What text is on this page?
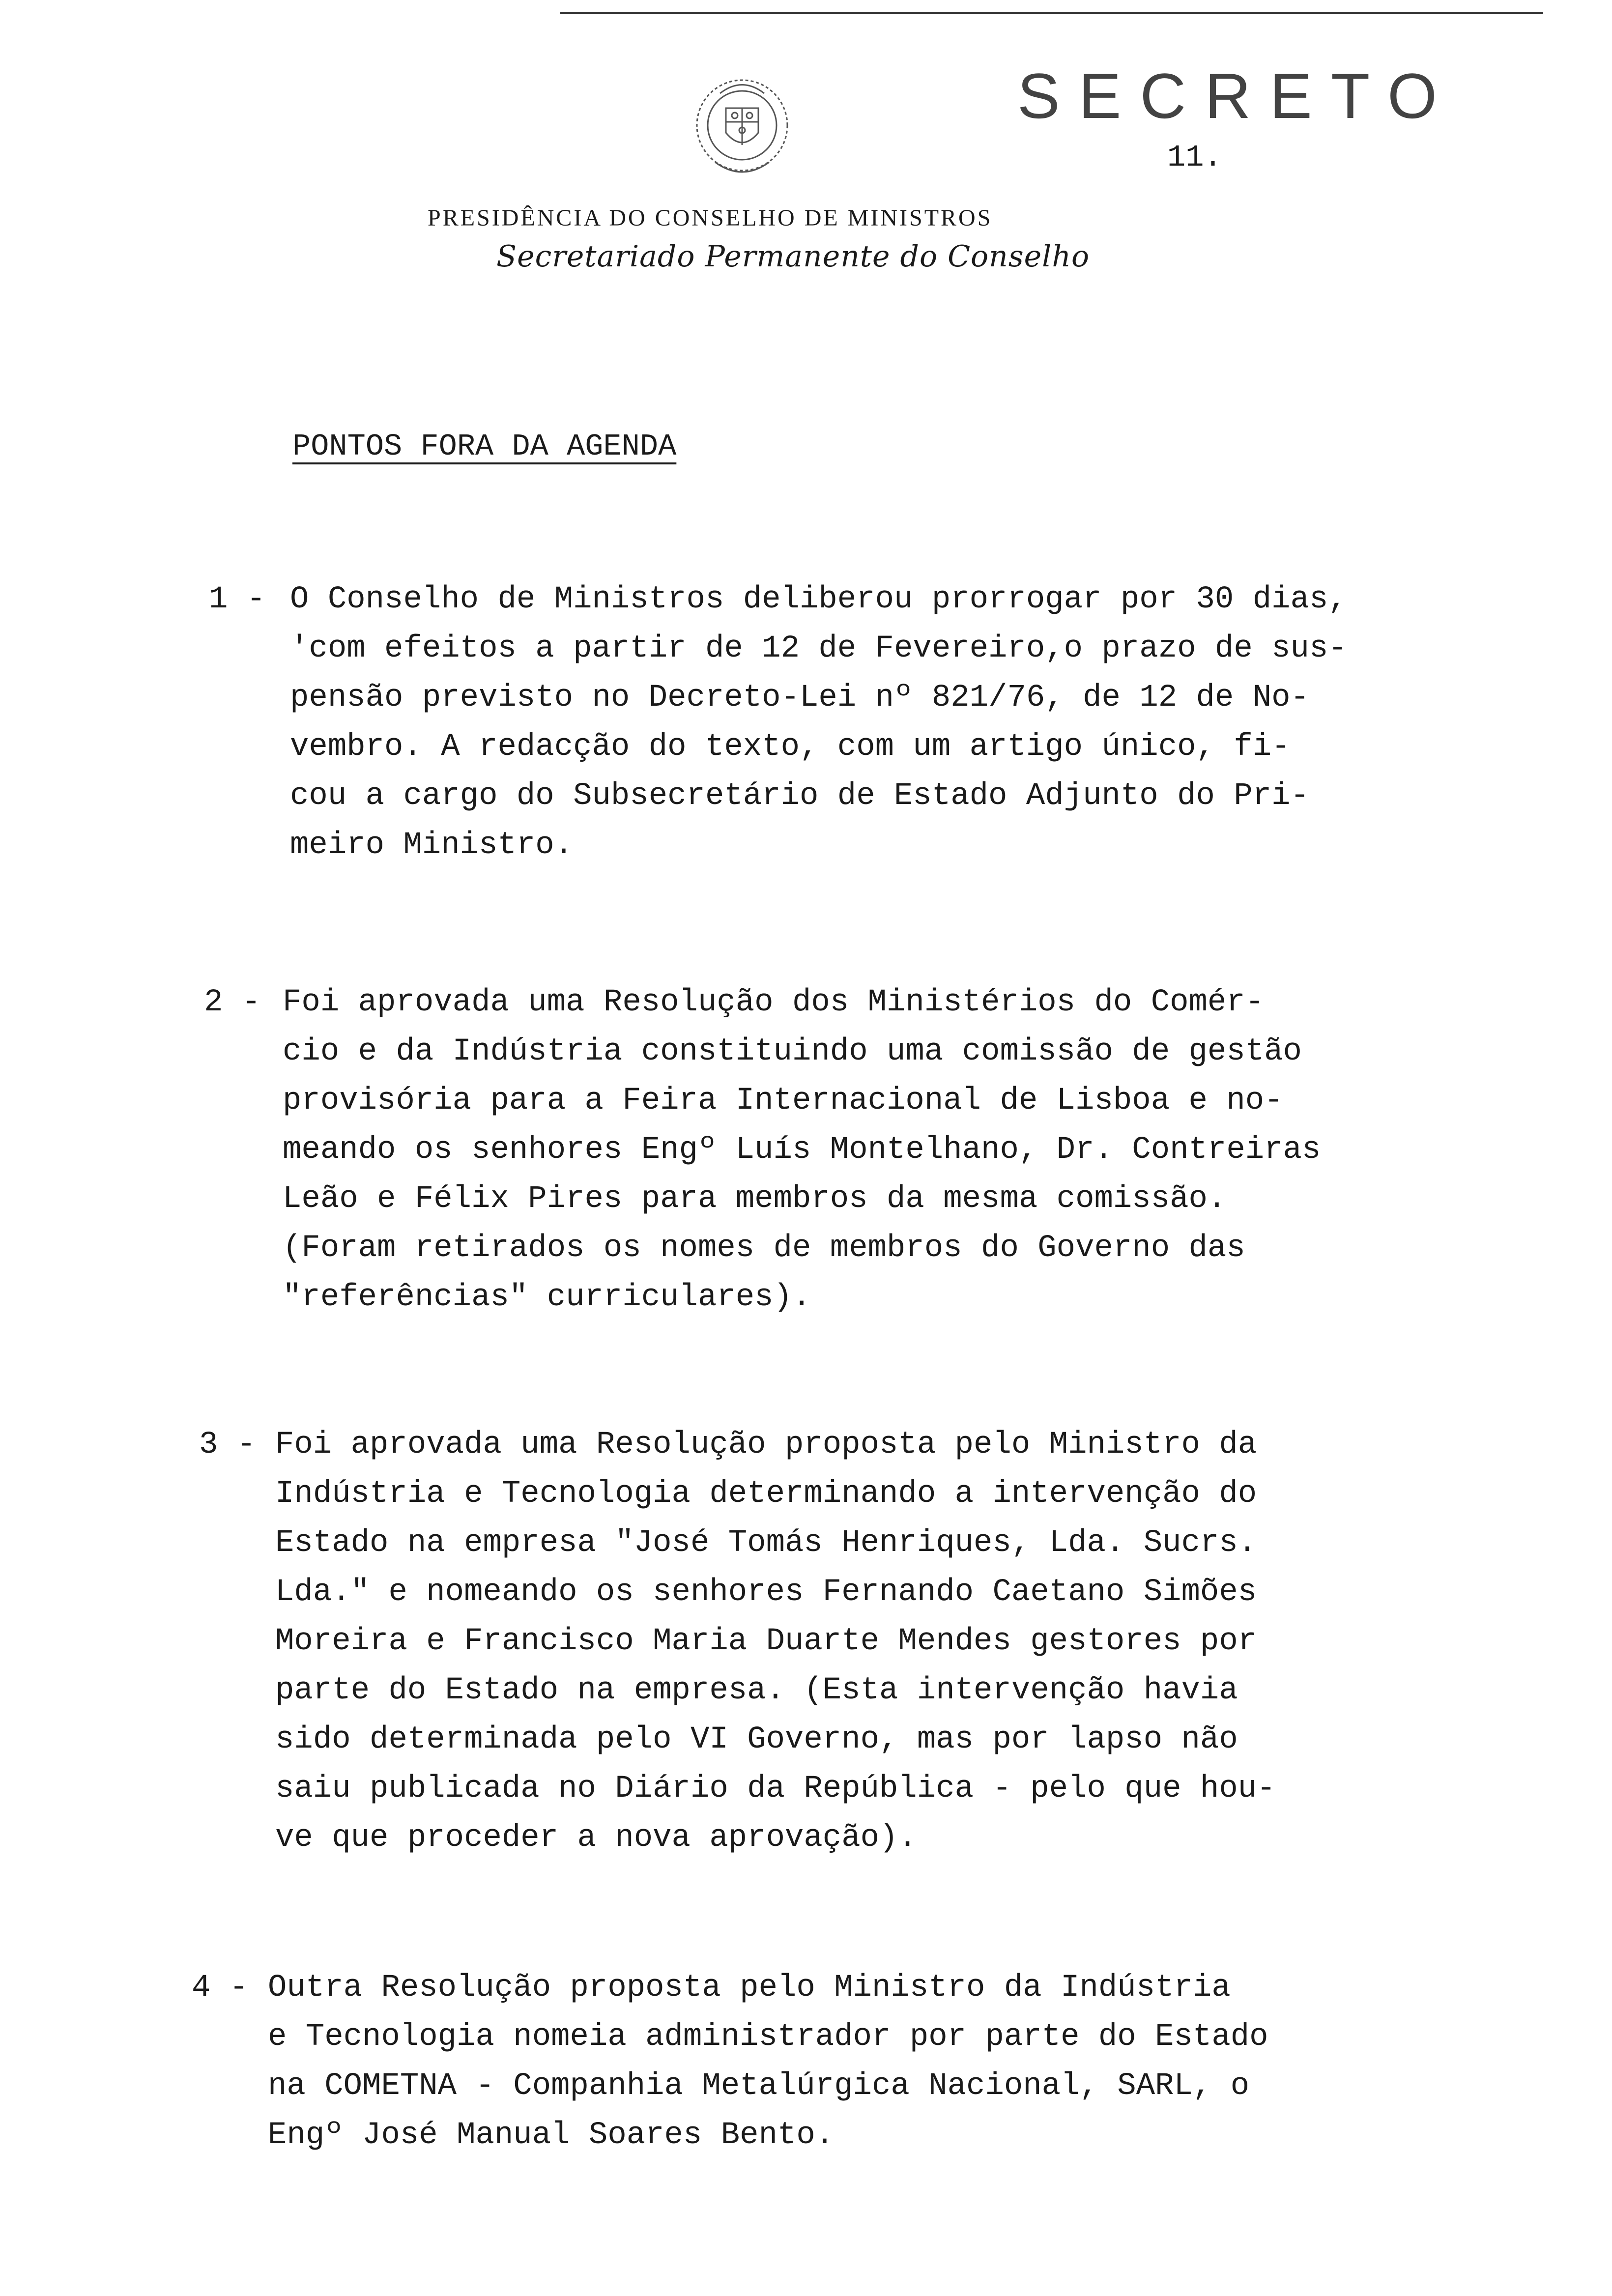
SECRETO
11.
PRESIDÊNCIA DO CONSELHO DE MINISTROS
Secretariado Permanente do Conselho
PONTOS FORA DA AGENDA
1 - O Conselho de Ministros deliberou prorrogar por 30 dias,
'com efeitos a partir de 12 de Fevereiro,o prazo de sus-
pensão previsto no Decreto-Lei nº 821/76, de 12 de No-
vembro. A redacção do texto, com um artigo único, fi-
cou a cargo do Subsecretário de Estado Adjunto do Pri-
meiro Ministro.
2 - Foi aprovada uma Resolução dos Ministérios do Comér-
cio e da Indústria constituindo uma comissão de gestão
provisória para a Feira Internacional de Lisboa e no-
meando os senhores Engº Luís Montelhano, Dr. Contreiras
Leão e Félix Pires para membros da mesma comissão.
(Foram retirados os nomes de membros do Governo das
"referências" curriculares).
3 - Foi aprovada uma Resolução proposta pelo Ministro da
Indústria e Tecnologia determinando a intervenção do
Estado na empresa "José Tomás Henriques, Lda. Sucrs.
Lda." e nomeando os senhores Fernando Caetano Simões
Moreira e Francisco Maria Duarte Mendes gestores por
parte do Estado na empresa. (Esta intervenção havia
sido determinada pelo VI Governo, mas por lapso não
saiu publicada no Diário da República - pelo que hou-
ve que proceder a nova aprovação).
4 - Outra Resolução proposta pelo Ministro da Indústria
e Tecnologia nomeia administrador por parte do Estado
na COMETNA - Companhia Metalúrgica Nacional, SARL, o
Engº José Manual Soares Bento.
